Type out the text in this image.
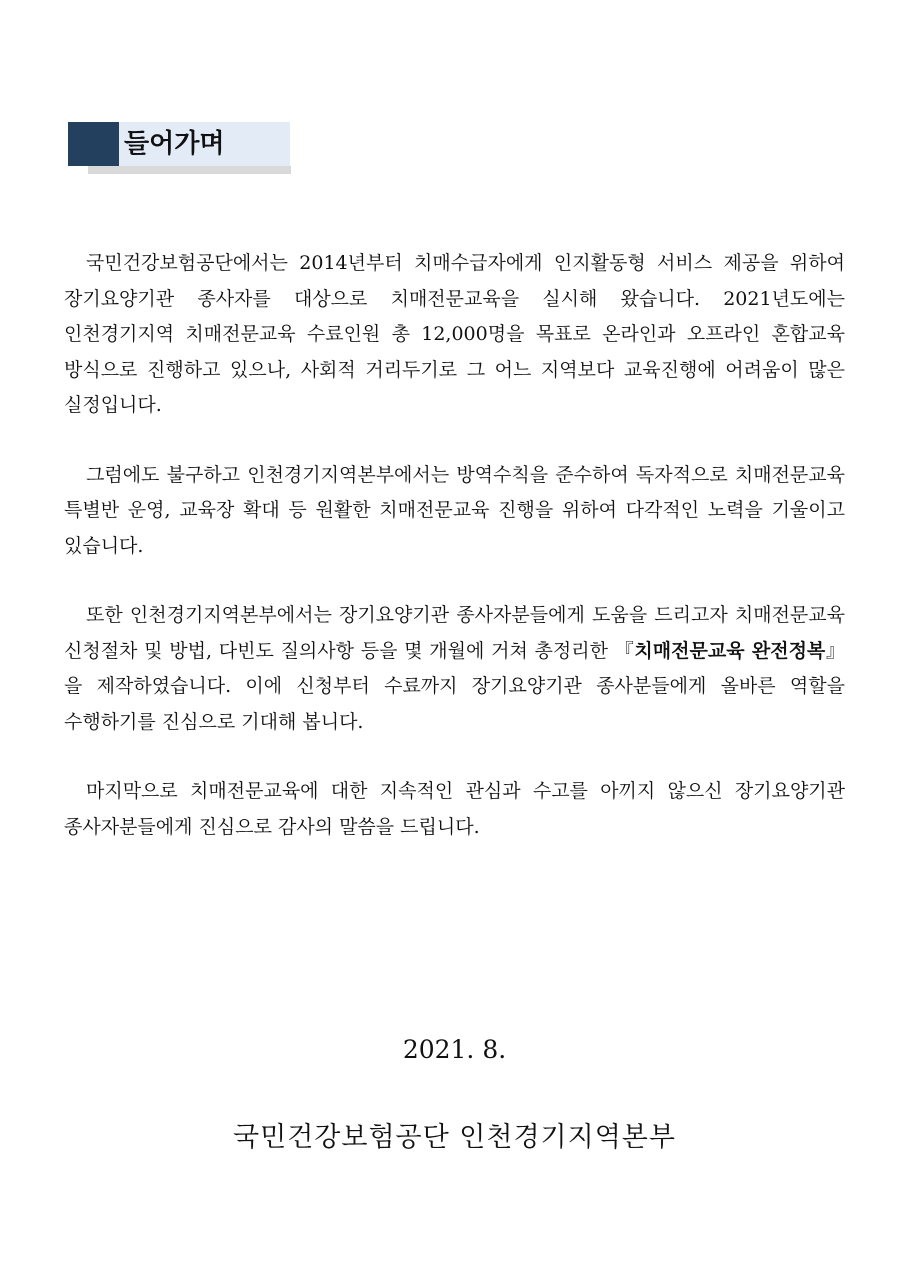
들어가며

국민건강보험공단에서는 2014년부터 치매수급자에게 인지활동형 서비스 제공을 위하여 장기요양기관 종사자를 대상으로 치매전문교육을 실시해 왔습니다. 2021년도에는 인천경기지역 치매전문교육 수료인원 총 12,000명을 목표로 온라인과 오프라인 혼합교육 방식으로 진행하고 있으나, 사회적 거리두기로 그 어느 지역보다 교육진행에 어려움이 많은 실정입니다.

그럼에도 불구하고 인천경기지역본부에서는 방역수칙을 준수하여 독자적으로 치매전문교육 특별반 운영, 교육장 확대 등 원활한 치매전문교육 진행을 위하여 다각적인 노력을 기울이고 있습니다.

또한 인천경기지역본부에서는 장기요양기관 종사자분들에게 도움을 드리고자 치매전문교육 신청절차 및 방법, 다빈도 질의사항 등을 몇 개월에 거쳐 총정리한 『치매전문교육 완전정복』을 제작하였습니다. 이에 신청부터 수료까지 장기요양기관 종사분들에게 올바른 역할을 수행하기를 진심으로 기대해 봅니다.

마지막으로 치매전문교육에 대한 지속적인 관심과 수고를 아끼지 않으신 장기요양기관 종사자분들에게 진심으로 감사의 말씀을 드립니다.

2021. 8.
국민건강보험공단 인천경기지역본부
